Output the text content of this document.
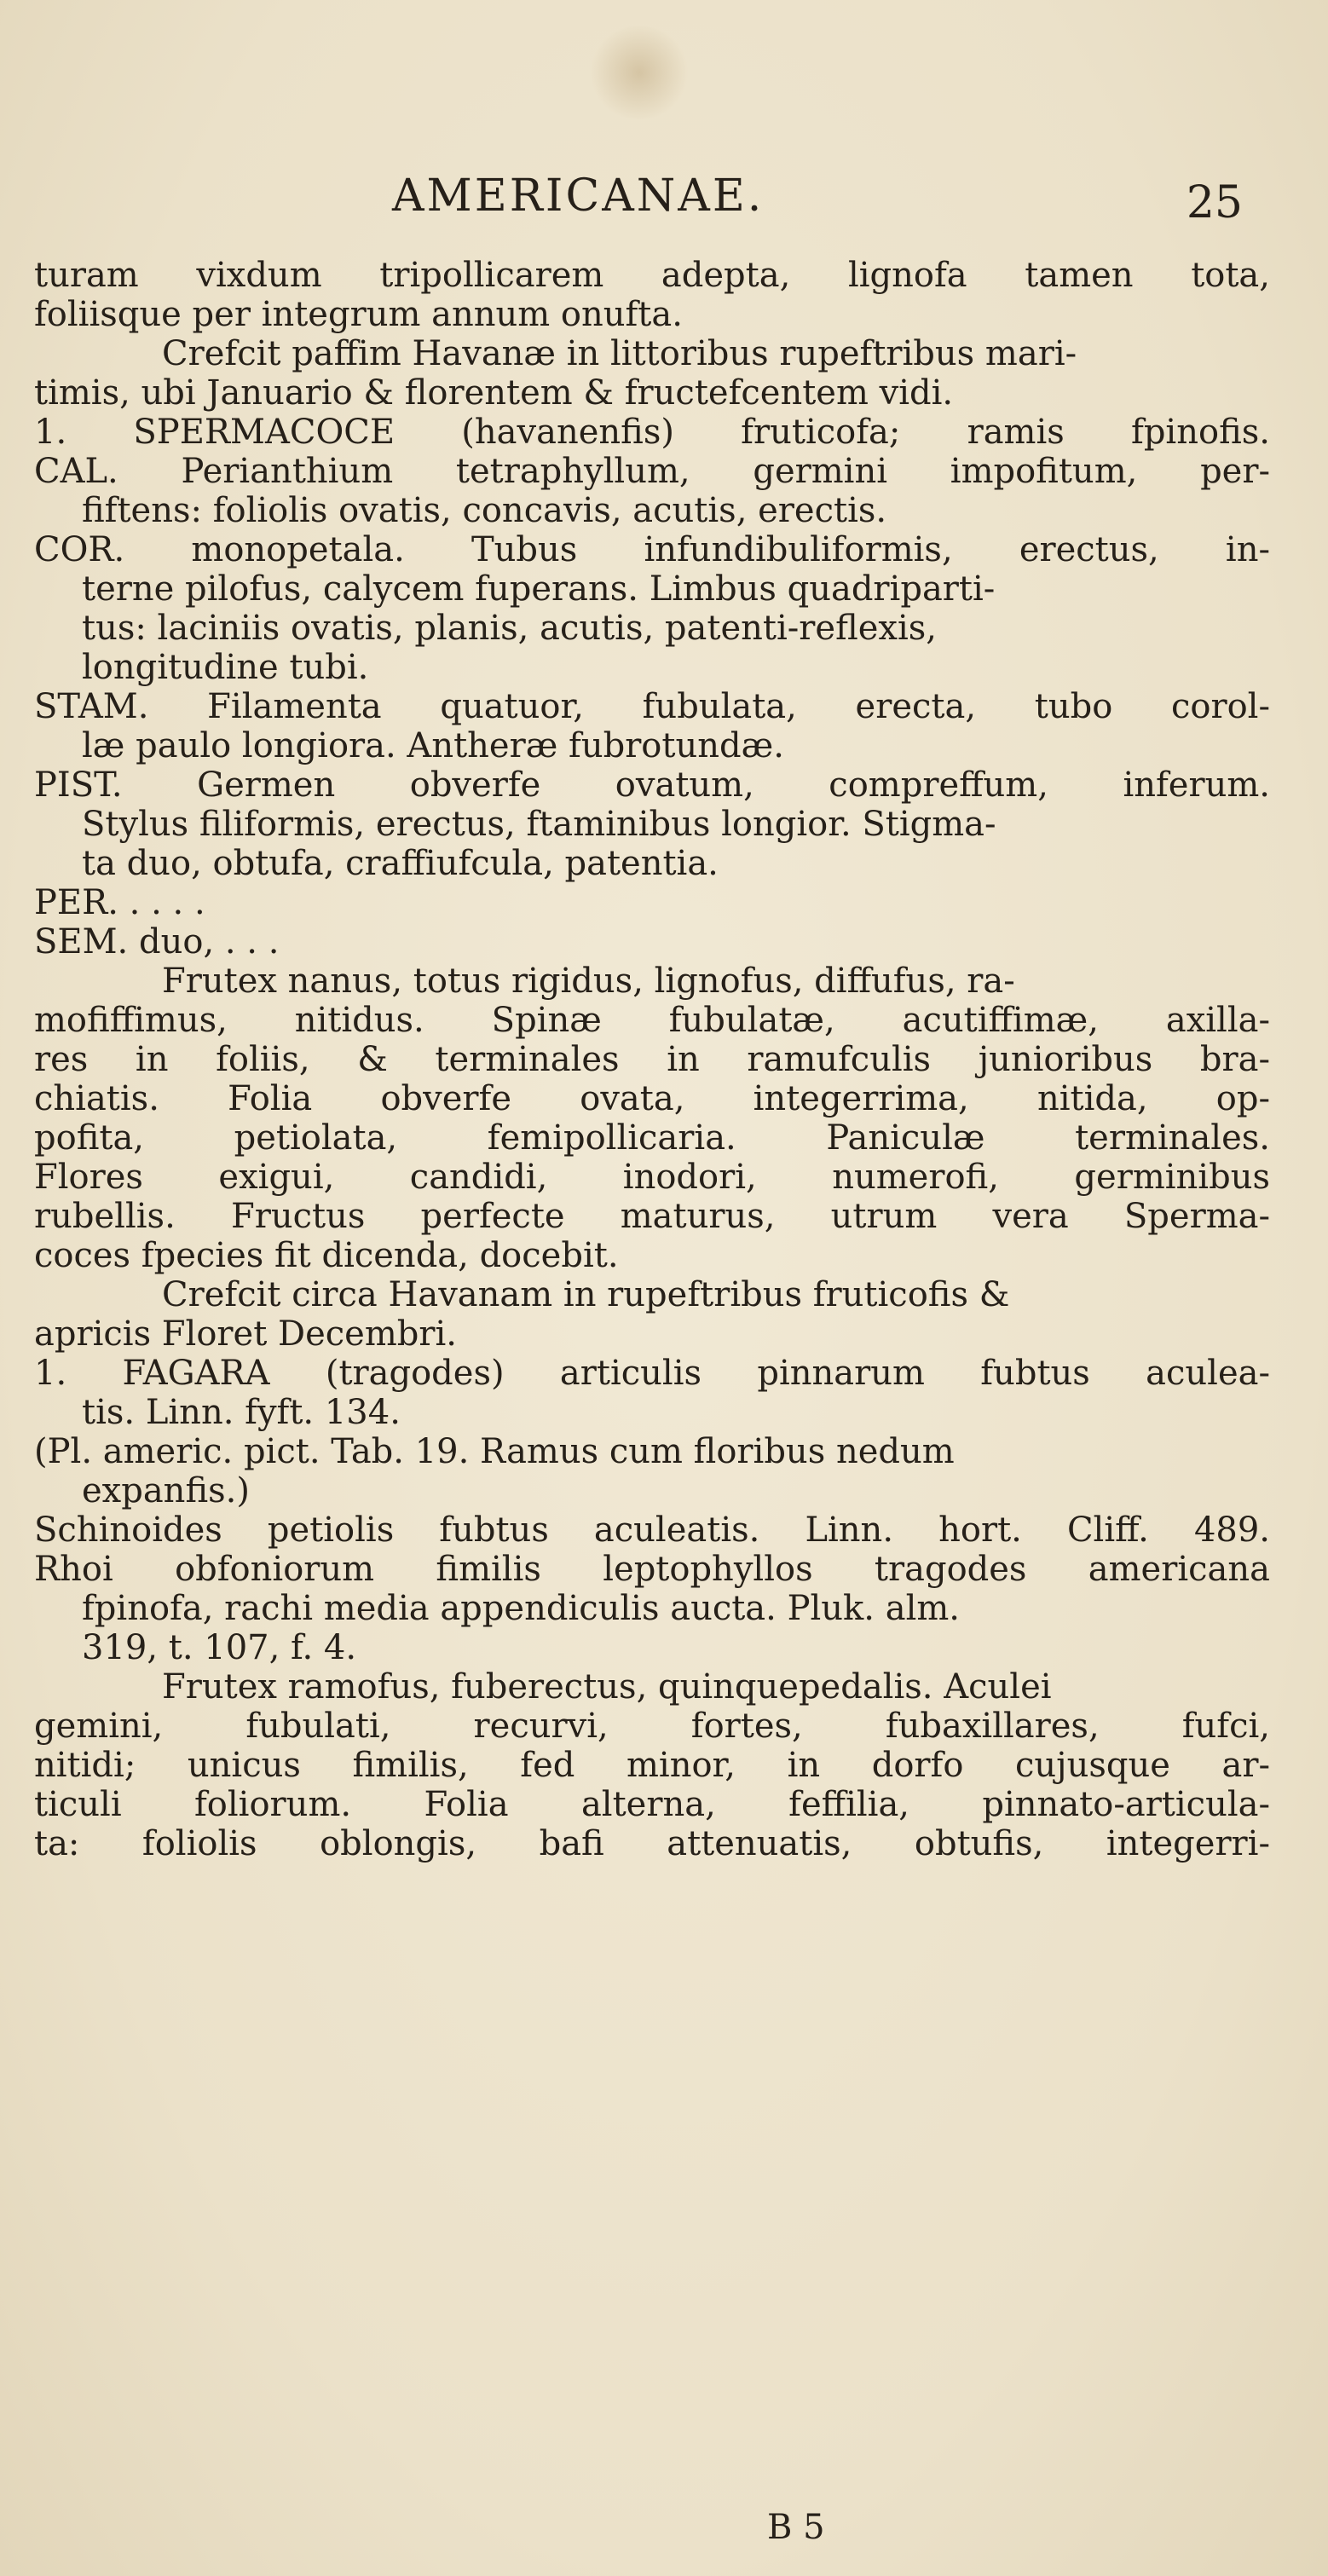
AMERICANAE.	25
turam vixdum tripollicarem adepta, lignofa tamen tota,
foliisque per integrum annum onufta.
Crefcit paffim Havanæ in littoribus rupeftribus mari-
timis, ubi Januario & florentem & fructefcentem vidi.
1. SPERMACOCE (havanenfis) fruticofa; ramis fpinofis.
CAL. Perianthium tetraphyllum, germini impofitum, per-
fiftens: foliolis ovatis, concavis, acutis, erectis.
COR. monopetala. Tubus infundibuliformis, erectus, in-
terne pilofus, calycem fuperans. Limbus quadriparti-
tus: laciniis ovatis, planis, acutis, patenti-reflexis,
longitudine tubi.
STAM. Filamenta quatuor, fubulata, erecta, tubo corol-
læ paulo longiora. Antheræ fubrotundæ.
PIST. Germen obverfe ovatum, compreffum, inferum.
Stylus filiformis, erectus, ftaminibus longior. Stigma-
ta duo, obtufa, craffiufcula, patentia.
PER. . . . .
SEM. duo, . . .
Frutex nanus, totus rigidus, lignofus, diffufus, ra-
mofiffimus, nitidus. Spinæ fubulatæ, acutiffimæ, axilla-
res in foliis, & terminales in ramufculis junioribus bra-
chiatis. Folia obverfe ovata, integerrima, nitida, op-
pofita, petiolata, femipollicaria. Paniculæ terminales.
Flores exigui, candidi, inodori, numerofi, germinibus
rubellis. Fructus perfecte maturus, utrum vera Sperma-
coces fpecies fit dicenda, docebit.
Crefcit circa Havanam in rupeftribus fruticofis &
apricis Floret Decembri.
1. FAGARA (tragodes) articulis pinnarum fubtus aculea-
tis. Linn. fyft. 134.
(Pl. americ. pict. Tab. 19. Ramus cum floribus nedum
expanfis.)
Schinoides petiolis fubtus aculeatis. Linn. hort. Cliff. 489.
Rhoi obfoniorum fimilis leptophyllos tragodes americana
fpinofa, rachi media appendiculis aucta. Pluk. alm.
319, t. 107, f. 4.
Frutex ramofus, fuberectus, quinquepedalis. Aculei
gemini, fubulati, recurvi, fortes, fubaxillares, fufci,
nitidi; unicus fimilis, fed minor, in dorfo cujusque ar-
ticuli foliorum. Folia alterna, feffilia, pinnato-articula-
ta: foliolis oblongis, bafi attenuatis, obtufis, integerri-
B 5
